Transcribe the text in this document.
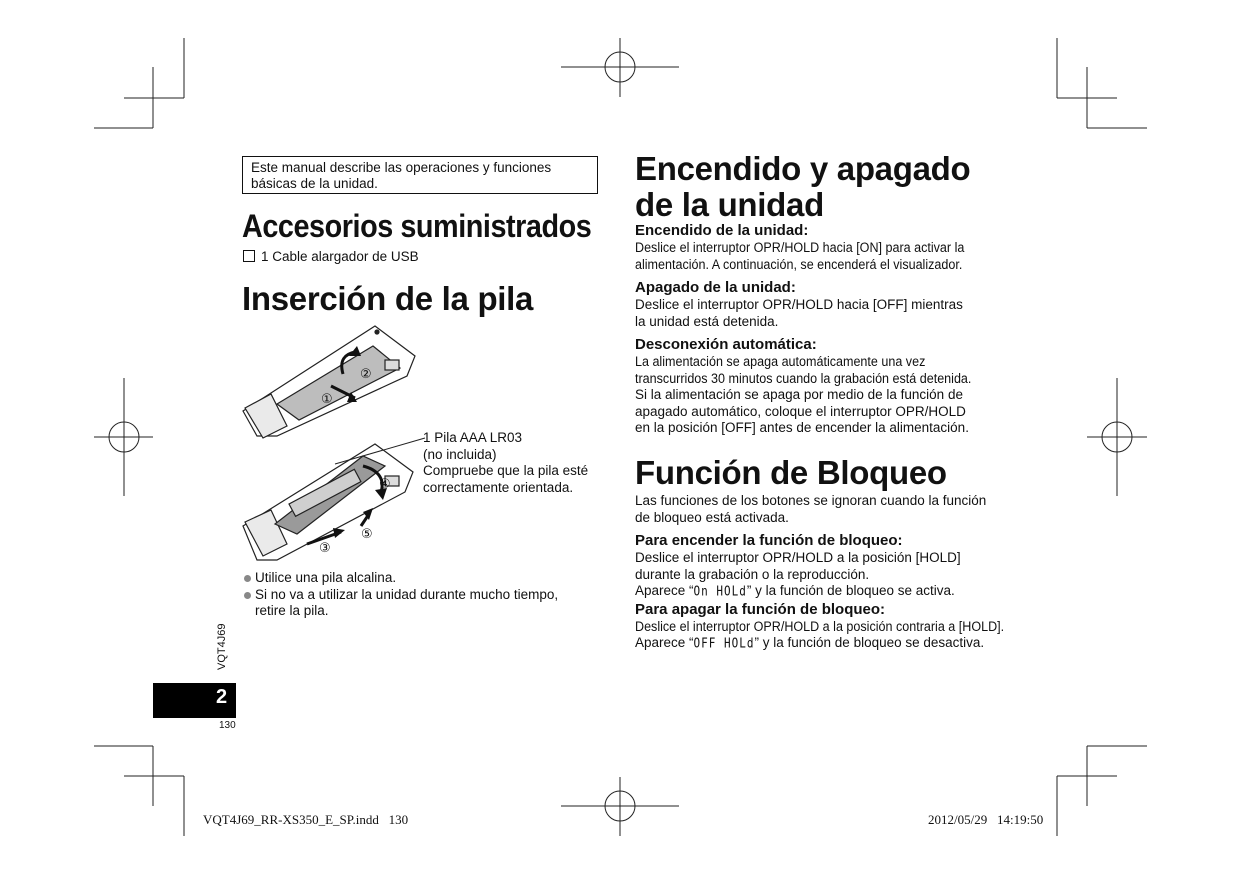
Este manual describe las operaciones y funciones
básicas de la unidad.
Accesorios suministrados
1 Cable alargador de USB
Inserción de la pila
②
①
④
⑤
③
1 Pila AAA LR03
(no incluida)
Compruebe que la pila esté
correctamente orientada.
Utilice una pila alcalina.
Si no va a utilizar la unidad durante mucho tiempo,
retire la pila.
Encendido y apagado
de la unidad
Encendido de la unidad:
Deslice el interruptor OPR/HOLD hacia [ON] para activar la
alimentación. A continuación, se encenderá el visualizador.
Apagado de la unidad:
Deslice el interruptor OPR/HOLD hacia [OFF] mientras
la unidad está detenida.
Desconexión automática:
La alimentación se apaga automáticamente una vez
transcurridos 30 minutos cuando la grabación está detenida.
Si la alimentación se apaga por medio de la función de
apagado automático, coloque el interruptor OPR/HOLD
en la posición [OFF] antes de encender la alimentación.
Función de Bloqueo
Las funciones de los botones se ignoran cuando la función
de bloqueo está activada.
Para encender la función de bloqueo:
Deslice el interruptor OPR/HOLD a la posición [HOLD]
durante la grabación o la reproducción.
Aparece “On HOLd” y la función de bloqueo se activa.
Para apagar la función de bloqueo:
Deslice el interruptor OPR/HOLD a la posición contraria a [HOLD].
Aparece “OFF HOLd” y la función de bloqueo se desactiva.
VQT4J69
2
130
VQT4J69_RR-XS350_E_SP.indd   130	2012/05/29   14:19:50
